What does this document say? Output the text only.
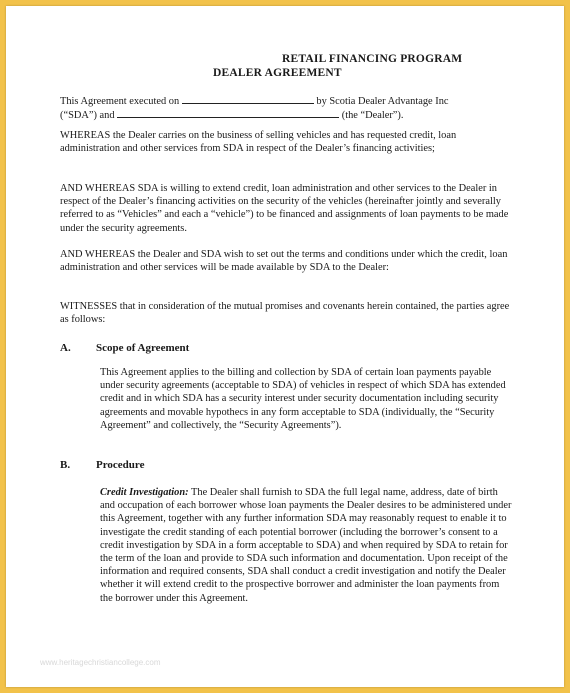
RETAIL FINANCING PROGRAM
DEALER AGREEMENT

This Agreement executed on	by Scotia Dealer Advantage Inc
(“SDA”) and	(the “Dealer”).

WHEREAS the Dealer carries on the business of selling vehicles and has requested credit, loan administration and other services from SDA in respect of the Dealer’s financing activities;

AND WHEREAS SDA is willing to extend credit, loan administration and other services to the Dealer in respect of the Dealer’s financing activities on the security of the vehicles (hereinafter jointly and severally referred to as “Vehicles” and each a “vehicle”) to be financed and assignments of loan payments to be made under the security agreements.

AND WHEREAS the Dealer and SDA wish to set out the terms and conditions under which the credit, loan administration and other services will be made available by SDA to the Dealer:

WITNESSES that in consideration of the mutual promises and covenants herein contained, the parties agree as follows:

A. Scope of Agreement

This Agreement applies to the billing and collection by SDA of certain loan payments payable under security agreements (acceptable to SDA) of vehicles in respect of which SDA has extended credit and in which SDA has a security interest under security documentation including security agreements and movable hypothecs in any form acceptable to SDA (individually, the “Security Agreement” and collectively, the “Security Agreements”).

B. Procedure

Credit Investigation: The Dealer shall furnish to SDA the full legal name, address, date of birth and occupation of each borrower whose loan payments the Dealer desires to be administered under this Agreement, together with any further information SDA may reasonably request to enable it to investigate the credit standing of each potential borrower (including the borrower’s consent to a credit investigation by SDA in a form acceptable to SDA) and when required by SDA to retain for the term of the loan and provide to SDA such information and documentation. Upon receipt of the information and required consents, SDA shall conduct a credit investigation and notify the Dealer whether it will extend credit to the prospective borrower and administer the loan payments from the borrower under this Agreement.

www.heritagechristiancollege.com
